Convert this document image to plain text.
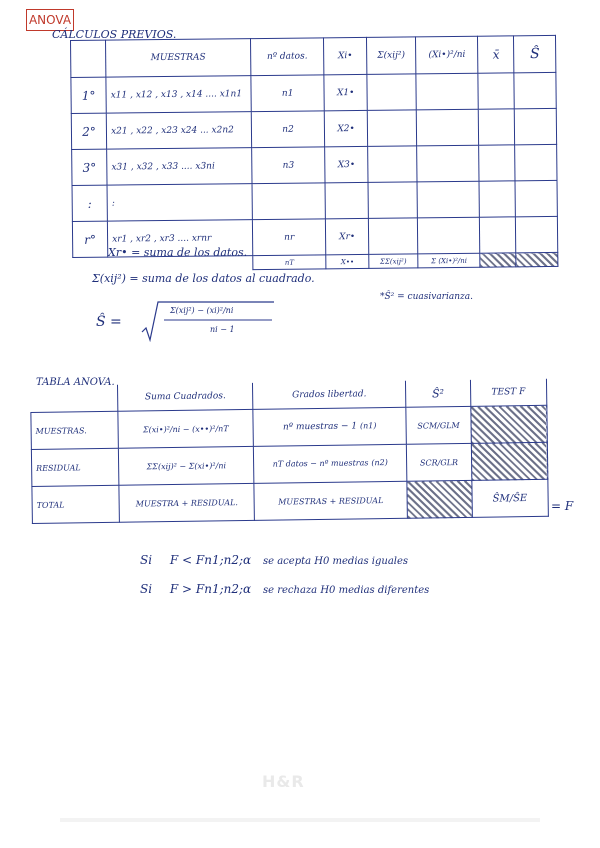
ANOVA
CÁLCULOS PREVIOS.
	MUESTRAS	nº datos.	Xi•	Σ(xij²)	(Xi•)²/ni	x̄	Ŝ
1°	x11 , x12 , x13 , x14 .... x1n1	n1	X1•				
2°	x21 , x22 , x23 x24 ... x2n2	n2	X2•				
3°	x31 , x32 , x33 .... x3ni	n3	X3•				
:	:						
r°	xr1 , xr2 , xr3 .... xrnr	nr	Xr•				
		nT	X••	ΣΣ(xij²)	Σ (Xi•)²/ni		
Xr• = suma de los datos.
Σ(xij²) = suma de los datos al cuadrado.
Ŝ =
Σ(xij²) − (xi)²/ni
ni − 1
*Ŝ² = cuasivarianza.
TABLA ANOVA.
	Suma Cuadrados.	Grados libertad.	Ŝ²	TEST F
MUESTRAS.	Σ(xi•)²/ni − (x••)²/nT	nº muestras − 1 (n1)	SCM/GLM	
RESIDUAL	ΣΣ(xij)² − Σ(xi•)²/ni	nT datos − nº muestras (n2)	SCR/GLR	
TOTAL	MUESTRA + RESIDUAL.	MUESTRAS + RESIDUAL		ŜM/ŜE
= F
Si F < Fn1;n2;α se acepta H0 medias iguales
Si F > Fn1;n2;α se rechaza H0 medias diferentes
H&R
